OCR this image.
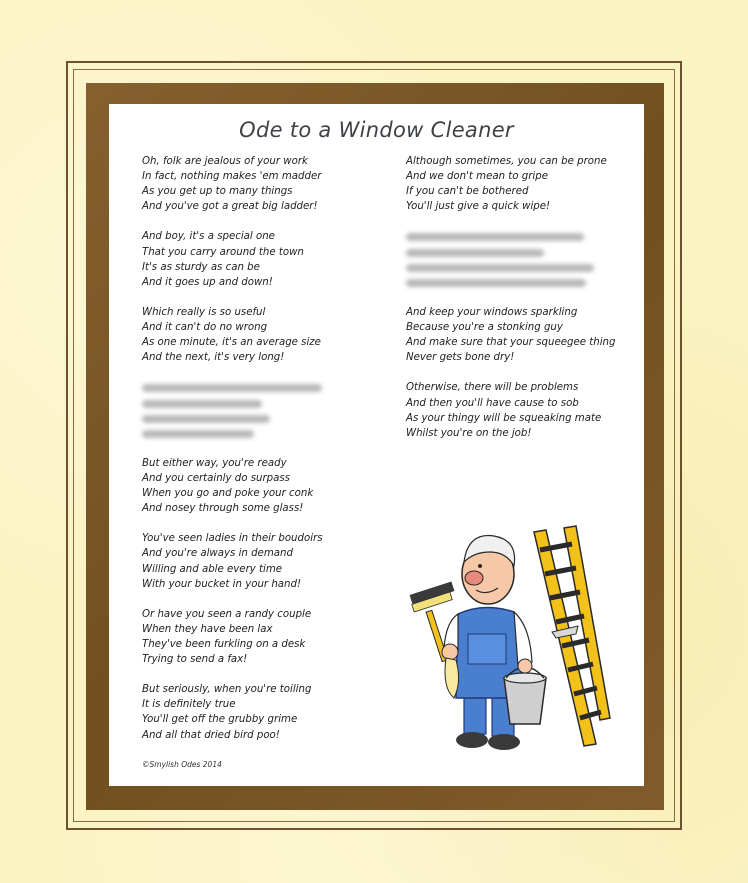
Ode to a Window Cleaner
Oh, folk are jealous of your work
In fact, nothing makes 'em madder
As you get up to many things
And you've got a great big ladder!
And boy, it's a special one
That you carry around the town
It's as sturdy as can be
And it goes up and down!
Which really is so useful
And it can't do no wrong
As one minute, it's an average size
And the next, it's very long!
But either way, you're ready
And you certainly do surpass
When you go and poke your conk
And nosey through some glass!
You've seen ladies in their boudoirs
And you're always in demand
Willing and able every time
With your bucket in your hand!
Or have you seen a randy couple
When they have been lax
They've been furkling on a desk
Trying to send a fax!
But seriously, when you're toiling
It is definitely true
You'll get off the grubby grime
And all that dried bird poo!
Although sometimes, you can be prone
And we don't mean to gripe
If you can't be bothered
You'll just give a quick wipe!
And keep your windows sparkling
Because you're a stonking guy
And make sure that your squeegee thing
Never gets bone dry!
Otherwise, there will be problems
And then you'll have cause to sob
As your thingy will be squeaking mate
Whilst you're on the job!
©Smylish Odes 2014
